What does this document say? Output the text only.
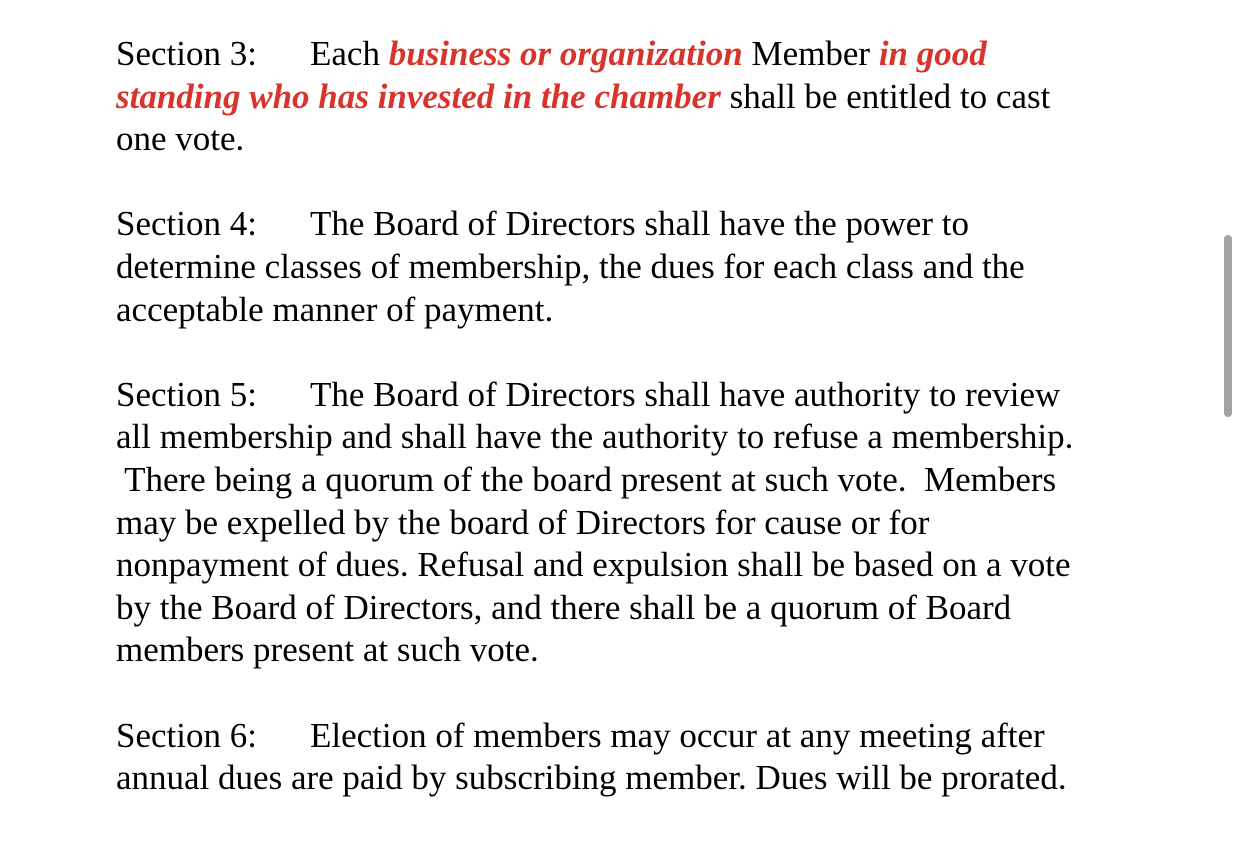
Section 3: Each business or organization Member in good
standing who has invested in the chamber shall be entitled to cast
one vote.
Section 4: The Board of Directors shall have the power to
determine classes of membership, the dues for each class and the
acceptable manner of payment.
Section 5: The Board of Directors shall have authority to review
all membership and shall have the authority to refuse a membership.
There being a quorum of the board present at such vote.  Members
may be expelled by the board of Directors for cause or for
nonpayment of dues. Refusal and expulsion shall be based on a vote
by the Board of Directors, and there shall be a quorum of Board
members present at such vote.
Section 6: Election of members may occur at any meeting after
annual dues are paid by subscribing member. Dues will be prorated.
